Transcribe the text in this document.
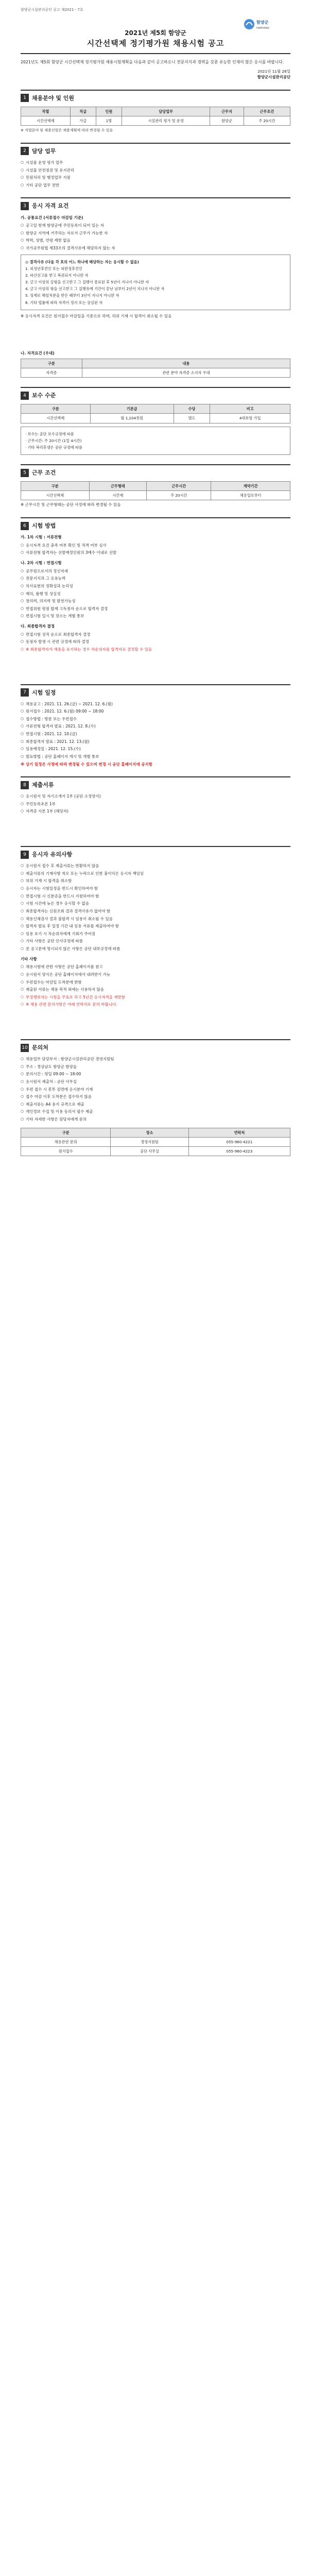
함양군시설관리공단 공고 제2021 - 7호
함양군
HAMYANG
2021년 제5회 함양군
시간선택제 정기평가원 채용시험 공고

2021년도 제5회 함양군 시간선택제 정기평가원 채용시험계획을 다음과 같이 공고하오니 전문지식과 경력을 갖춘 유능한 인재의 많은 응시를 바랍니다.

2021년 11월 26일
함양군시설관리공단
1	채용분야 및 인원
직렬	직급	인원	담당업무	근무지	근무조건
시간선택제	가급	1명	시설관리 평가 및 운영	함양군	주 20시간
※ 직렬분야 및 채용인원은 채용계획에 따라 변경될 수 있음
2	담당 업무
○ 시설물 운영 평가 업무
○ 시설물 안전점검 및 유지관리
○ 민원처리 및 행정업무 지원
○ 기타 공단 업무 전반
3	응시 자격 요건
가. 공통요건 (서류접수 마감일 기준)
○ 공고일 현재 함양군에 주민등록이 되어 있는 자
○ 함양군 지역에 거주하는 자로서 근무가 가능한 자
○ 학력, 성별, 연령 제한 없음
○ 국가공무원법 제33조의 결격사유에 해당하지 않는 자
◎ 결격사유 (다음 각 호의 어느 하나에 해당하는 자는 응시할 수 없음)
1. 피성년후견인 또는 피한정후견인
2. 파산선고를 받고 복권되지 아니한 자
3. 금고 이상의 실형을 선고받고 그 집행이 종료된 후 5년이 지나지 아니한 자
4. 금고 이상의 형을 선고받고 그 집행유예 기간이 끝난 날부터 2년이 지나지 아니한 자
5. 징계로 해임처분을 받은 때부터 3년이 지나지 아니한 자
6. 기타 법률에 따라 자격이 정지 또는 상실된 자
※ 응시자격 요건은 원서접수 마감일을 기준으로 하며, 허위 기재 시 합격이 취소될 수 있음
나. 자격요건 (우대)
구분	내용
자격증	관련 분야 자격증 소지자 우대
4	보수 수준
구분	기본급	수당	비고
시간선택제	월 1,104천원	별도	4대보험 가입
· 보수는 공단 보수규정에 따름
· 근무시간: 주 20시간 (1일 4시간)
· 기타 복리후생은 공단 규정에 따름
5	근무 조건
구분	근무형태	근무시간	계약기간
시간선택제	시간제	주 20시간	채용일로부터
※ 근무시간 및 근무형태는 공단 사정에 따라 변경될 수 있음
6	시험 방법
가. 1차 시험 : 서류전형
○ 응시자격 요건 충족 여부 확인 및 적격 여부 심사
○ 서류전형 합격자는 선발예정인원의 3배수 이내로 선발
나. 2차 시험 : 면접시험
○ 공무원으로서의 정신자세
○ 전문지식과 그 응용능력
○ 의사표현의 정확성과 논리성
○ 예의, 품행 및 성실성
○ 창의력, 의지력 및 발전가능성
○ 면접위원 평점 합계 고득점자 순으로 합격자 결정
○ 면접시험 일시 및 장소는 개별 통보
다. 최종합격자 결정
○ 면접시험 성적 순으로 최종합격자 결정
○ 동점자 발생 시 관련 규정에 따라 결정
○ ※ 최종합격자가 채용을 포기하는 경우 차순위자를 합격자로 결정할 수 있음
7	시험 일정
○ 채용공고 : 2021. 11. 26.(금) ~ 2021. 12. 6.(월)
○ 원서접수 : 2021. 12. 6.(월) 09:00 ~ 18:00
○ 접수방법 : 방문 또는 우편접수
○ 서류전형 합격자 발표 : 2021. 12. 8.(수)
○ 면접시험 : 2021. 12. 10.(금)
○ 최종합격자 발표 : 2021. 12. 13.(월)
○ 임용예정일 : 2021. 12. 15.(수)
○ 발표방법 : 공단 홈페이지 게시 및 개별 통보
※ 상기 일정은 사정에 따라 변경될 수 있으며 변경 시 공단 홈페이지에 공지함
8	제출서류
○ 응시원서 및 자기소개서 1부 (공단 소정양식)
○ 주민등록초본 1부
○ 자격증 사본 1부 (해당자)
9	응시자 유의사항
○ 응시원서 접수 후 제출서류는 반환하지 않음
○ 제출서류의 기재사항 착오 또는 누락으로 인한 불이익은 응시자 책임임
○ 허위 기재 시 합격을 취소함
○ 응시자는 시험일정을 반드시 확인하여야 함
○ 면접시험 시 신분증을 반드시 지참하여야 함
○ 시험 시간에 늦은 경우 응시할 수 없음
○ 최종합격자는 신원조회 결과 결격사유가 없어야 함
○ 채용신체검사 결과 불합격 시 임용이 취소될 수 있음
○ 합격자 발표 후 일정 기간 내 임용 서류를 제출하여야 함
○ 임용 포기 시 차순위자에게 기회가 주어짐
○ 기타 사항은 공단 인사규정에 따름
○ 본 공고문에 명시되지 않은 사항은 공단 내부규정에 따름
기타 사항
○ 채용시험에 관한 사항은 공단 홈페이지를 참고
○ 응시원서 양식은 공단 홈페이지에서 내려받기 가능
○ 우편접수는 마감일 도착분에 한함
○ 제출된 서류는 채용 목적 외에는 사용하지 않음
○ 부정행위자는 시험을 무효로 하고 5년간 응시자격을 제한함
○ ※ 채용 관련 문의사항은 아래 연락처로 문의 바랍니다.
10 문의처
○ 채용업무 담당부서 : 함양군시설관리공단 경영지원팀
○ 주소 : 경상남도 함양군 함양읍
○ 문의시간 : 평일 09:00 ~ 18:00
○ 응시원서 제출처 : 공단 사무실
○ 우편 접수 시 봉투 겉면에 응시분야 기재
○ 접수 마감 이후 도착분은 접수하지 않음
○ 제출서류는 A4 용지 규격으로 제출
○ 개인정보 수집 및 이용 동의서 필수 제출
○ 기타 자세한 사항은 담당자에게 문의
구분	장소	연락처
채용관련 문의	경영지원팀	055-960-4221
원서접수	공단 사무실	055-960-4223
